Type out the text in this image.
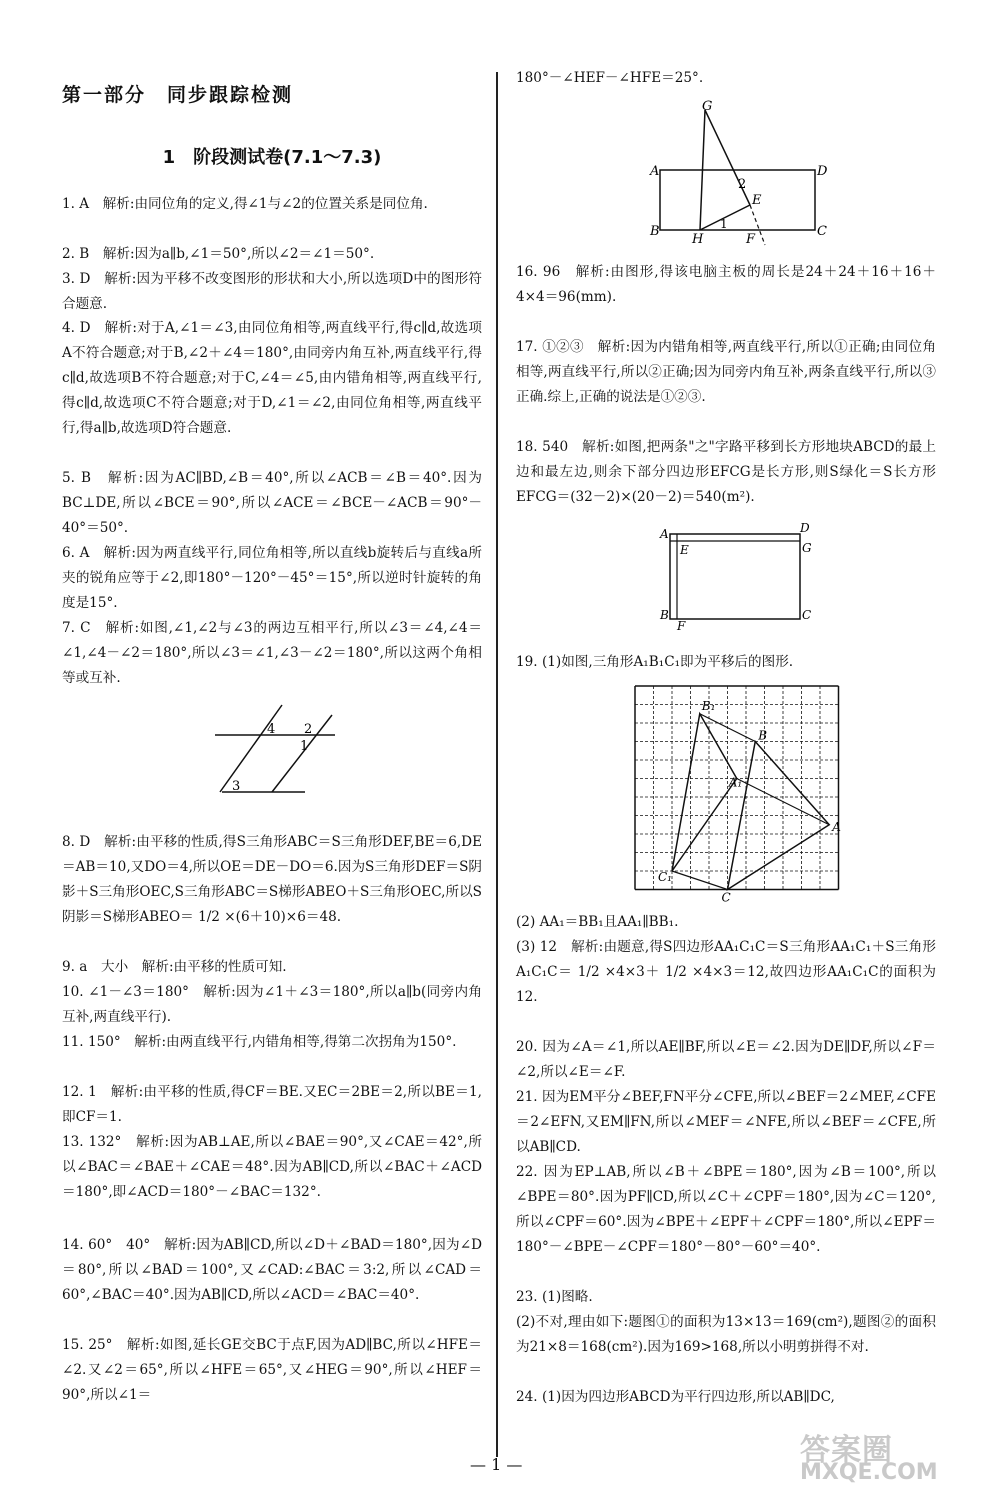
第一部分　同步跟踪检测
1　阶段测试卷(7.1～7.3)
1. A　解析:由同位角的定义,得∠1与∠2的位置关系是同位角.
2. B　解析:因为a∥b,∠1＝50°,所以∠2＝∠1＝50°.
3. D　解析:因为平移不改变图形的形状和大小,所以选项D中的图形符合题意.
4. D　解析:对于A,∠1＝∠3,由同位角相等,两直线平行,得c∥d,故选项A不符合题意;对于B,∠2＋∠4＝180°,由同旁内角互补,两直线平行,得c∥d,故选项B不符合题意;对于C,∠4＝∠5,由内错角相等,两直线平行,得c∥d,故选项C不符合题意;对于D,∠1＝∠2,由同位角相等,两直线平行,得a∥b,故选项D符合题意.
5. B　解析:因为AC∥BD,∠B＝40°,所以∠ACB＝∠B＝40°.因为BC⊥DE,所以∠BCE＝90°,所以∠ACE＝∠BCE－∠ACB＝90°－40°＝50°.
6. A　解析:因为两直线平行,同位角相等,所以直线b旋转后与直线a所夹的锐角应等于∠2,即180°－120°－45°＝15°,所以逆时针旋转的角度是15°.
7. C　解析:如图,∠1,∠2与∠3的两边互相平行,所以∠3＝∠4,∠4＝∠1,∠4－∠2＝180°,所以∠3＝∠1,∠3－∠2＝180°,所以这两个角相等或互补.
4 2
1
3
8. D　解析:由平移的性质,得S三角形ABC＝S三角形DEF,BE＝6,DE＝AB＝10,又DO＝4,所以OE＝DE－DO＝6.因为S三角形DEF＝S阴影＋S三角形OEC,S三角形ABC＝S梯形ABEO＋S三角形OEC,所以S阴影＝S梯形ABEO＝ 1/2 ×(6＋10)×6＝48.
9. a　大小　解析:由平移的性质可知.
10. ∠1－∠3＝180°　解析:因为∠1＋∠3＝180°,所以a∥b(同旁内角互补,两直线平行).
11. 150°　解析:由两直线平行,内错角相等,得第二次拐角为150°.
12. 1　解析:由平移的性质,得CF＝BE.又EC＝2BE＝2,所以BE＝1,即CF＝1.
13. 132°　解析:因为AB⊥AE,所以∠BAE＝90°,又∠CAE＝42°,所以∠BAC＝∠BAE＋∠CAE＝48°.因为AB∥CD,所以∠BAC＋∠ACD＝180°,即∠ACD＝180°－∠BAC＝132°.
14. 60°　40°　解析:因为AB∥CD,所以∠D＋∠BAD＝180°,因为∠D＝80°,所以∠BAD＝100°,又∠CAD:∠BAC＝3:2,所以∠CAD＝60°,∠BAC＝40°.因为AB∥CD,所以∠ACD＝∠BAC＝40°.
15. 25°　解析:如图,延长GE交BC于点F,因为AD∥BC,所以∠HFE＝∠2.又∠2＝65°,所以∠HFE＝65°,又∠HEG＝90°,所以∠HEF＝90°,所以∠1＝
180°－∠HEF－∠HFE＝25°.
G
A	D
2
E
B
H
1
F
C
16. 96　解析:由图形,得该电脑主板的周长是24＋24＋16＋16＋4×4＝96(mm).
17. ①②③　解析:因为内错角相等,两直线平行,所以①正确;由同位角相等,两直线平行,所以②正确;因为同旁内角互补,两条直线平行,所以③正确.综上,正确的说法是①②③.
18. 540　解析:如图,把两条"之"字路平移到长方形地块ABCD的最上边和最左边,则余下部分四边形EFCG是长方形,则S绿化＝S长方形EFCG＝(32－2)×(20－2)＝540(m²).
A	D
E	G
B
F
C
19. (1)如图,三角形A₁B₁C₁即为平移后的图形.
B₁
B
A₁
A
C₁
C
(2) AA₁＝BB₁且AA₁∥BB₁.
(3) 12　解析:由题意,得S四边形AA₁C₁C＝S三角形AA₁C₁＋S三角形A₁C₁C＝ 1/2 ×4×3＋ 1/2 ×4×3＝12,故四边形AA₁C₁C的面积为12.
20. 因为∠A＝∠1,所以AE∥BF,所以∠E＝∠2.因为DE∥DF,所以∠F＝∠2,所以∠E＝∠F.
21. 因为EM平分∠BEF,FN平分∠CFE,所以∠BEF＝2∠MEF,∠CFE＝2∠EFN,又EM∥FN,所以∠MEF＝∠NFE,所以∠BEF＝∠CFE,所以AB∥CD.
22. 因为EP⊥AB,所以∠B＋∠BPE＝180°,因为∠B＝100°,所以∠BPE＝80°.因为PF∥CD,所以∠C＋∠CPF＝180°,因为∠C＝120°,所以∠CPF＝60°.因为∠BPE＋∠EPF＋∠CPF＝180°,所以∠EPF＝180°－∠BPE－∠CPF＝180°－80°－60°＝40°.
23. (1)图略.
(2)不对,理由如下:题图①的面积为13×13＝169(cm²),题图②的面积为21×8＝168(cm²).因为169>168,所以小明剪拼得不对.
24. (1)因为四边形ABCD为平行四边形,所以AB∥DC,
— 1 —	答案圈
MXQE.COM
